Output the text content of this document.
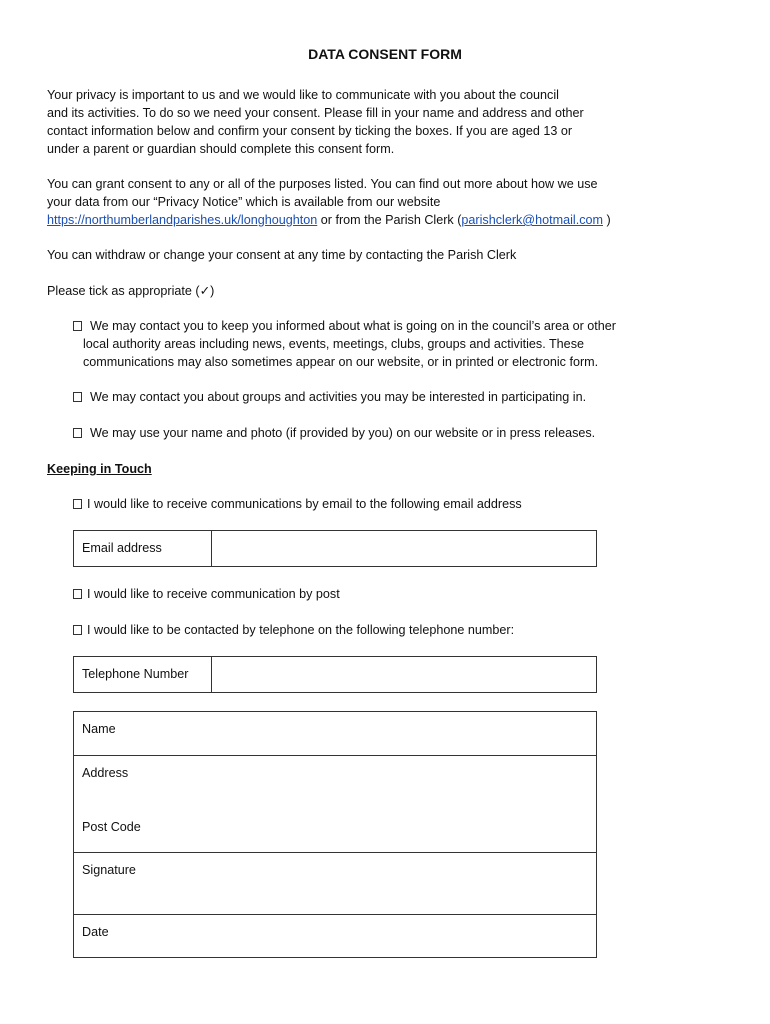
DATA CONSENT FORM

Your privacy is important to us and we would like to communicate with you about the council

and its activities. To do so we need your consent. Please fill in your name and address and other

contact information below and confirm your consent by ticking the boxes. If you are aged 13 or

under a parent or guardian should complete this consent form.

You can grant consent to any or all of the purposes listed. You can find out more about how we use

your data from our “Privacy Notice” which is available from our website

https://northumberlandparishes.uk/longhoughton or from the Parish Clerk (parishclerk@hotmail.com )

You can withdraw or change your consent at any time by contacting the Parish Clerk
Please tick as appropriate (✓)
We may contact you to keep you informed about what is going on in the council’s area or other
local authority areas including news, events, meetings, clubs, groups and activities. These
communications may also sometimes appear on our website, or in printed or electronic form.
We may contact you about groups and activities you may be interested in participating in.
We may use your name and photo (if provided by you) on our website or in press releases.
Keeping in Touch
I would like to receive communications by email to the following email address
Email address
I would like to receive communication by post
I would like to be contacted by telephone on the following telephone number:
Telephone Number
Name
Address
Post Code
Signature
Date
